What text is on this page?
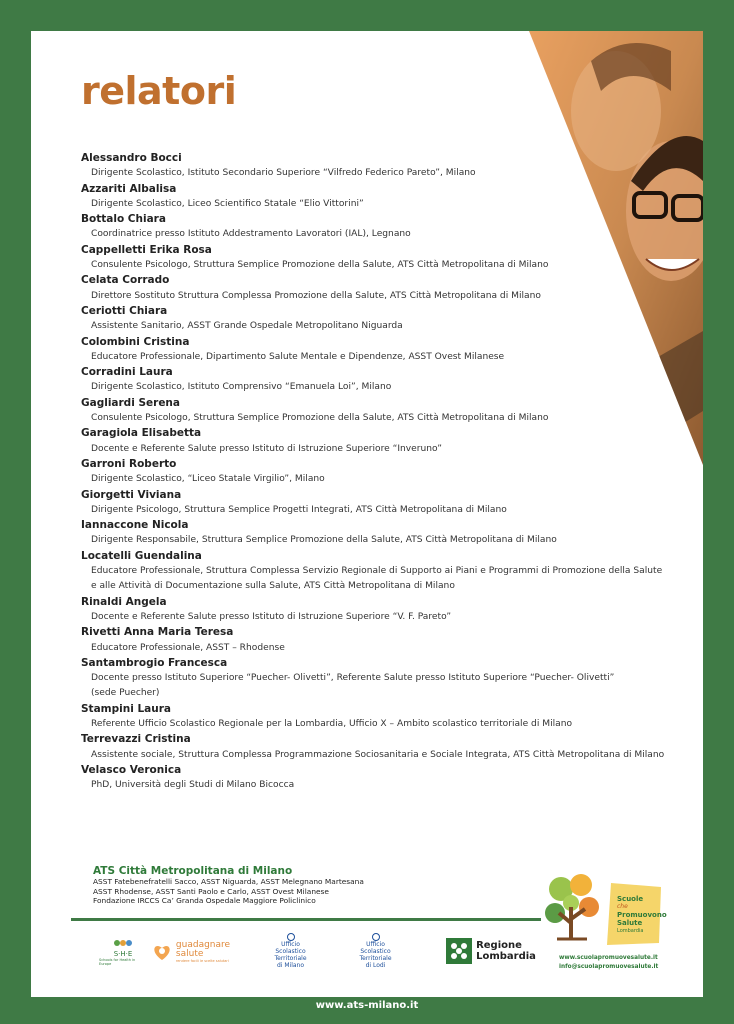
relatori
Alessandro Bocci
Dirigente Scolastico, Istituto Secondario Superiore “Vilfredo Federico Pareto”, Milano
Azzariti Albalisa
Dirigente Scolastico, Liceo Scientifico Statale “Elio Vittorini”
Bottalo Chiara
Coordinatrice presso Istituto Addestramento Lavoratori (IAL), Legnano
Cappelletti Erika Rosa
Consulente Psicologo, Struttura Semplice Promozione della Salute, ATS Città Metropolitana di Milano
Celata Corrado
Direttore Sostituto Struttura Complessa Promozione della Salute, ATS Città Metropolitana di Milano
Ceriotti Chiara
Assistente Sanitario, ASST Grande Ospedale Metropolitano Niguarda
Colombini Cristina
Educatore Professionale, Dipartimento Salute Mentale e Dipendenze, ASST Ovest Milanese
Corradini Laura
Dirigente Scolastico, Istituto Comprensivo “Emanuela Loi”, Milano
Gagliardi Serena
Consulente Psicologo, Struttura Semplice Promozione della Salute, ATS Città Metropolitana di Milano
Garagiola Elisabetta
Docente e Referente Salute presso Istituto di Istruzione Superiore “Inveruno”
Garroni Roberto
Dirigente Scolastico, “Liceo Statale Virgilio”, Milano
Giorgetti Viviana
Dirigente Psicologo, Struttura Semplice Progetti Integrati, ATS Città Metropolitana di Milano
Iannaccone Nicola
Dirigente Responsabile, Struttura Semplice Promozione della Salute, ATS Città Metropolitana di Milano
Locatelli Guendalina
Educatore Professionale, Struttura Complessa Servizio Regionale di Supporto ai Piani e Programmi di Promozione della Salute
e alle Attività di Documentazione sulla Salute, ATS Città Metropolitana di Milano
Rinaldi Angela
Docente e Referente Salute presso Istituto di Istruzione Superiore “V. F. Pareto”
Rivetti Anna Maria Teresa
Educatore Professionale, ASST – Rhodense
Santambrogio Francesca
Docente presso Istituto Superiore “Puecher- Olivetti”, Referente Salute presso Istituto Superiore “Puecher- Olivetti”
(sede Puecher)
Stampini Laura
Referente Ufficio Scolastico Regionale per la Lombardia, Ufficio X – Ambito scolastico territoriale di Milano
Terrevazzi Cristina
Assistente sociale, Struttura Complessa Programmazione Sociosanitaria e Sociale Integrata, ATS Città Metropolitana di Milano
Velasco Veronica
PhD, Università degli Studi di Milano Bicocca
ATS Città Metropolitana di Milano
ASST Fatebenefratelli Sacco, ASST Niguarda, ASST Melegnano Martesana
ASST Rhodense, ASST Santi Paolo e Carlo, ASST Ovest Milanese
Fondazione IRCCS Ca’ Granda Ospedale Maggiore Policlinico
S·H·E
Schools for Health in Europe
guadagnare
salute
rendere facili le scelte salutari
Ufficio
Scolastico
Territoriale
di Milano
Ufficio
Scolastico
Territoriale
di Lodi
Regione
Lombardia
Scuole
che
Promuovono
Salute
Lombardia
www.scuolapromuovesalute.it
info@scuolapromuovesalute.it
www.ats-milano.it
